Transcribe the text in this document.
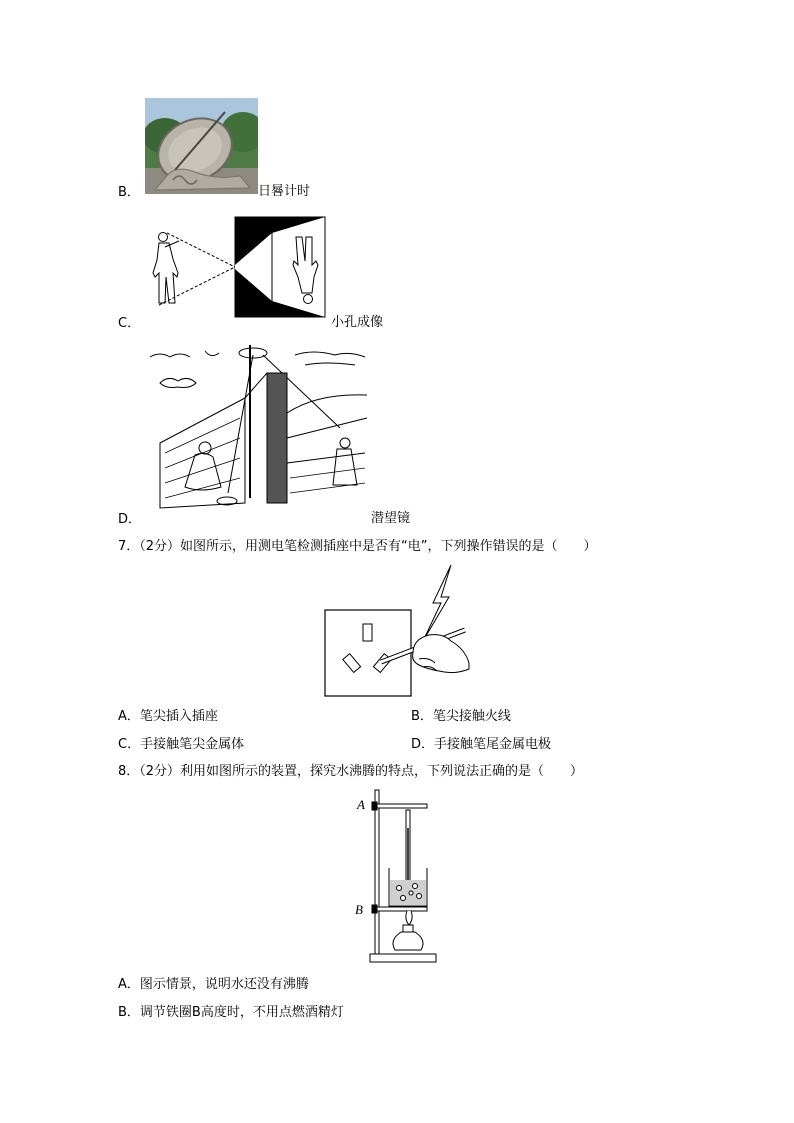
B．	日晷计时
C．	小孔成像
D．	潜望镜
7．（2分）如图所示，用测电笔检测插座中是否有“电”，下列操作错误的是（　　）
A．笔尖插入插座	B．笔尖接触火线
C．手接触笔尖金属体	D．手接触笔尾金属电极
8．（2分）利用如图所示的装置，探究水沸腾的特点，下列说法正确的是（　　）
A
B
A．图示情景，说明水还没有沸腾
B．调节铁圈B高度时，不用点燃酒精灯
